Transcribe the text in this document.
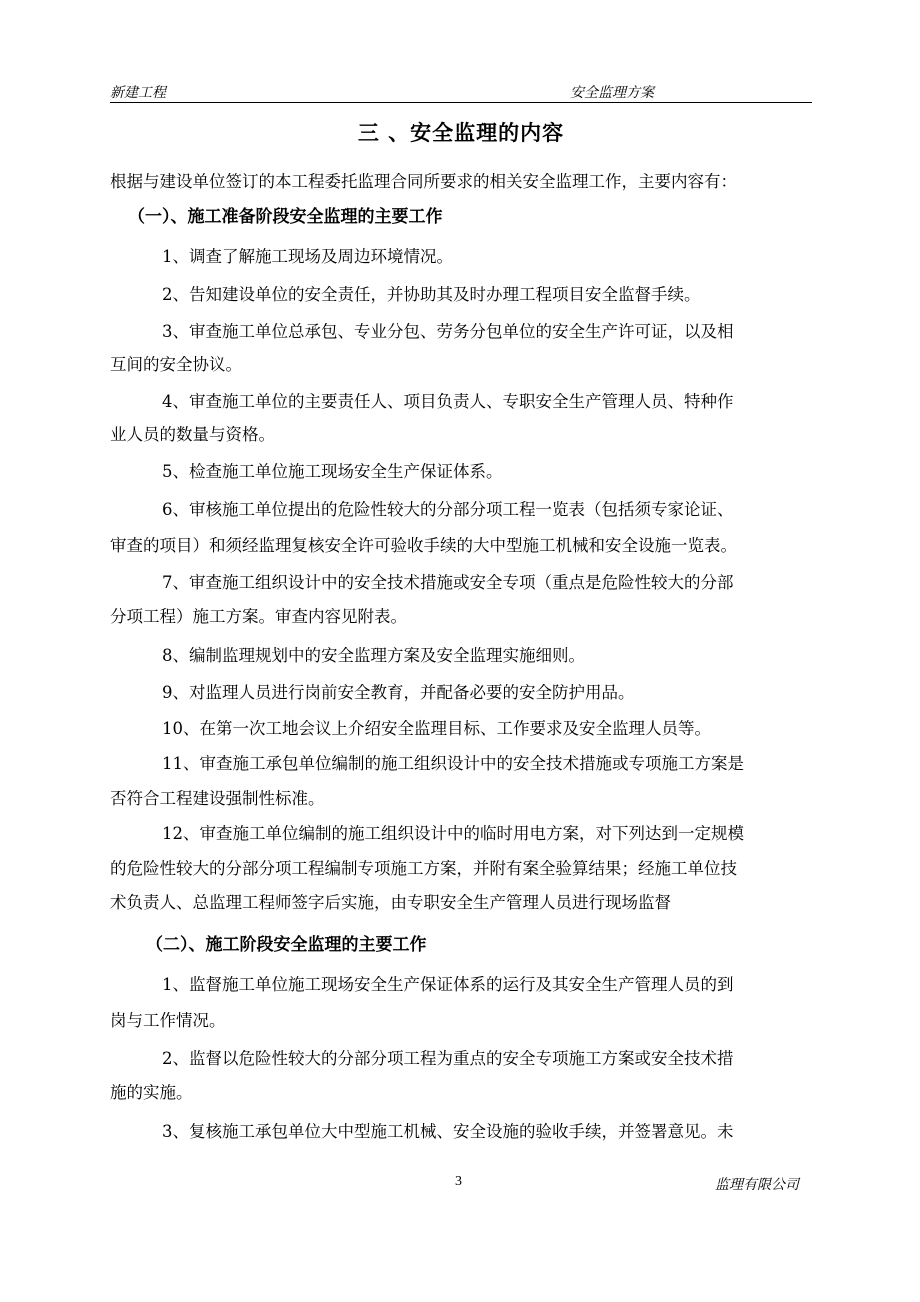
新建工程	安全监理方案
三 、安全监理的内容
根据与建设单位签订的本工程委托监理合同所要求的相关安全监理工作，主要内容有：
（一）、施工准备阶段安全监理的主要工作
1、调查了解施工现场及周边环境情况。
2、告知建设单位的安全责任，并协助其及时办理工程项目安全监督手续。
3、审查施工单位总承包、专业分包、劳务分包单位的安全生产许可证，以及相
互间的安全协议。
4、审查施工单位的主要责任人、项目负责人、专职安全生产管理人员、特种作
业人员的数量与资格。
5、检查施工单位施工现场安全生产保证体系。
6、审核施工单位提出的危险性较大的分部分项工程一览表（包括须专家论证、
审查的项目）和须经监理复核安全许可验收手续的大中型施工机械和安全设施一览表。
7、审查施工组织设计中的安全技术措施或安全专项（重点是危险性较大的分部
分项工程）施工方案。审查内容见附表。
8、编制监理规划中的安全监理方案及安全监理实施细则。
9、对监理人员进行岗前安全教育，并配备必要的安全防护用品。
10、在第一次工地会议上介绍安全监理目标、工作要求及安全监理人员等。
11、审查施工承包单位编制的施工组织设计中的安全技术措施或专项施工方案是
否符合工程建设强制性标准。
12、审查施工单位编制的施工组织设计中的临时用电方案，对下列达到一定规模
的危险性较大的分部分项工程编制专项施工方案，并附有案全验算结果；经施工单位技
术负责人、总监理工程师签字后实施，由专职安全生产管理人员进行现场监督
（二）、施工阶段安全监理的主要工作
1、监督施工单位施工现场安全生产保证体系的运行及其安全生产管理人员的到
岗与工作情况。
2、监督以危险性较大的分部分项工程为重点的安全专项施工方案或安全技术措
施的实施。
3、复核施工承包单位大中型施工机械、安全设施的验收手续，并签署意见。未
3	监理有限公司
